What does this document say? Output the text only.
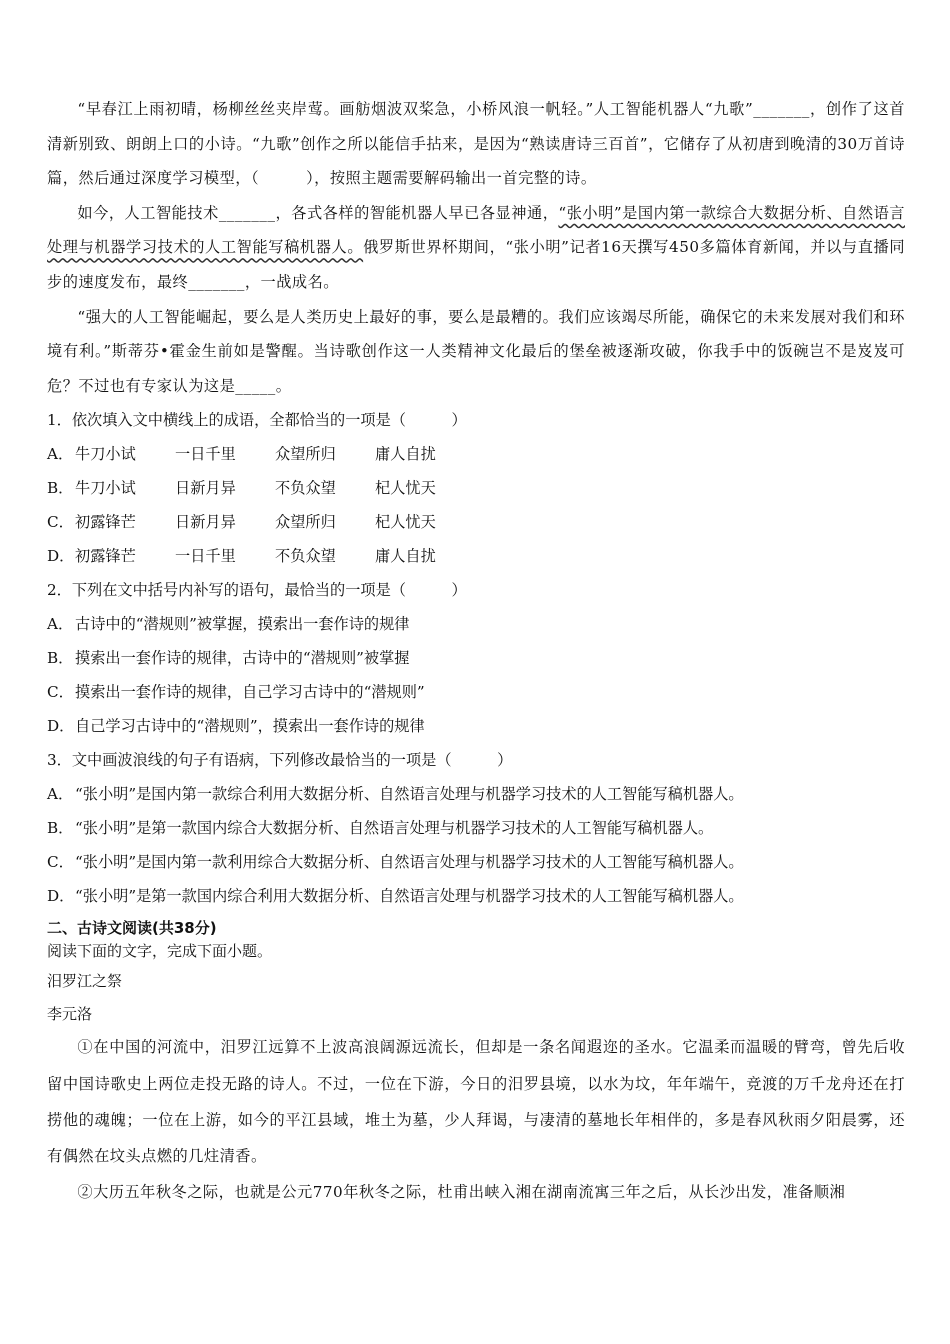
“早春江上雨初晴，杨柳丝丝夹岸莺。画舫烟波双桨急，小桥风浪一帆轻。”人工智能机器人“九歌”_______，创作了这首清新别致、朗朗上口的小诗。“九歌”创作之所以能信手拈来，是因为“熟读唐诗三百首”，它储存了从初唐到晚清的30万首诗篇，然后通过深度学习模型，（　　　），按照主题需要解码输出一首完整的诗。

如今，人工智能技术_______，各式各样的智能机器人早已各显神通，“张小明”是国内第一款综合大数据分析、自然语言处理与机器学习技术的人工智能写稿机器人。俄罗斯世界杯期间，“张小明”记者16天撰写450多篇体育新闻，并以与直播同步的速度发布，最终_______，一战成名。

“强大的人工智能崛起，要么是人类历史上最好的事，要么是最糟的。我们应该竭尽所能，确保它的未来发展对我们和环境有利。”斯蒂芬•霍金生前如是警醒。当诗歌创作这一人类精神文化最后的堡垒被逐渐攻破，你我手中的饭碗岂不是岌岌可危？不过也有专家认为这是_____。

1．依次填入文中横线上的成语，全都恰当的一项是（　　　）

A． 牛刀小试	一日千里	众望所归	庸人自扰

B． 牛刀小试	日新月异	不负众望	杞人忧天

C．初露锋芒	日新月异	众望所归	杞人忧天

D．初露锋芒	一日千里	不负众望	庸人自扰

2．下列在文中括号内补写的语句，最恰当的一项是（　　　）

A． 古诗中的“潜规则”被掌握，摸索出一套作诗的规律

B． 摸索出一套作诗的规律，古诗中的“潜规则”被掌握

C．摸索出一套作诗的规律，自己学习古诗中的“潜规则”

D．自己学习古诗中的“潜规则”，摸索出一套作诗的规律

3．文中画波浪线的句子有语病，下列修改最恰当的一项是（　　　）

A． “张小明”是国内第一款综合利用大数据分析、自然语言处理与机器学习技术的人工智能写稿机器人。

B． “张小明”是第一款国内综合大数据分析、自然语言处理与机器学习技术的人工智能写稿机器人。

C．“张小明”是国内第一款利用综合大数据分析、自然语言处理与机器学习技术的人工智能写稿机器人。

D．“张小明”是第一款国内综合利用大数据分析、自然语言处理与机器学习技术的人工智能写稿机器人。

二、古诗文阅读(共38分)

阅读下面的文字，完成下面小题。

汨罗江之祭

李元洛

①在中国的河流中，汨罗江远算不上波高浪阔源远流长，但却是一条名闻遐迩的圣水。它温柔而温暖的臂弯，曾先后收留中国诗歌史上两位走投无路的诗人。不过，一位在下游，今日的汨罗县境，以水为坟，年年端午，竞渡的万千龙舟还在打捞他的魂魄；一位在上游，如今的平江县域，堆土为墓，少人拜谒，与凄清的墓地长年相伴的，多是春风秋雨夕阳晨雾，还有偶然在坟头点燃的几炷清香。

②大历五年秋冬之际，也就是公元770年秋冬之际，杜甫出峡入湘在湖南流寓三年之后，从长沙出发，准备顺湘
